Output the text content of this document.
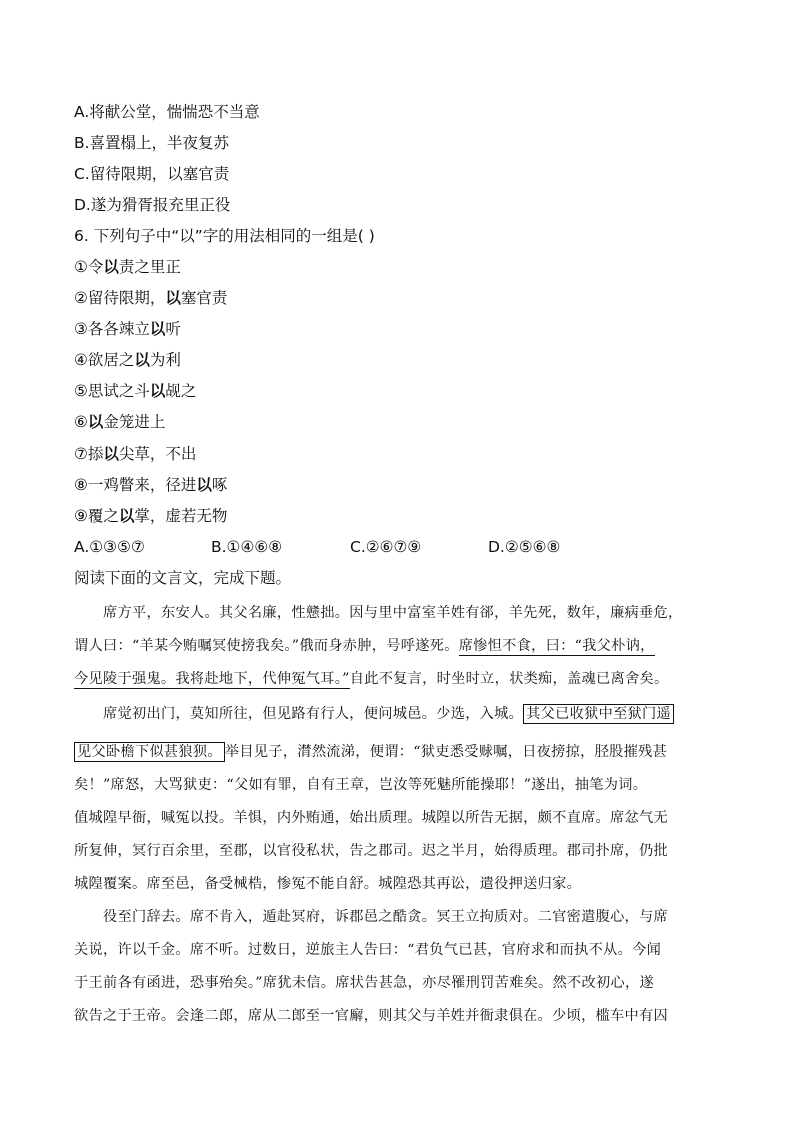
A.将献公堂，惴惴恐不当意
B.喜置榻上，半夜复苏
C.留待限期，以塞官责
D.遂为猾胥报充里正役
6. 下列句子中“以”字的用法相同的一组是( )
①令以责之里正
②留待限期，以塞官责
③各各竦立以听
④欲居之以为利
⑤思试之斗以觇之
⑥以金笼进上
⑦掭以尖草，不出
⑧一鸡瞥来，径进以啄
⑨覆之以掌，虚若无物
A.①③⑤⑦	B.①④⑥⑧	C.②⑥⑦⑨	D.②⑤⑥⑧
阅读下面的文言文，完成下题。
席方平，东安人。其父名廉，性戆拙。因与里中富室羊姓有郤，羊先死，数年，廉病垂危，
谓人曰：“羊某今贿嘱冥使搒我矣。”俄而身赤肿，号呼遂死。席惨怛不食，曰：“我父朴讷，
今见陵于强鬼。我将赴地下，代伸冤气耳。”自此不复言，时坐时立，状类痴，盖魂已离舍矣。
席觉初出门，莫知所往，但见路有行人，便问城邑。少选，入城。 其父已收狱中至狱门遥
见父卧檐下似甚狼狈。 举目见子，潸然流涕，便谓：“狱吏悉受赇嘱，日夜搒掠，胫股摧残甚
矣！”席怒，大骂狱吏：“父如有罪，自有王章，岂汝等死魅所能操耶！”遂出，抽笔为词。
值城隍早衙，喊冤以投。羊惧，内外贿通，始出质理。城隍以所告无据，颇不直席。席忿气无
所复伸，冥行百余里，至郡，以官役私状，告之郡司。迟之半月，始得质理。郡司扑席，仍批
城隍覆案。席至邑，备受械梏，惨冤不能自舒。城隍恐其再讼，遣役押送归家。
役至门辞去。席不肯入，遁赴冥府，诉郡邑之酷贪。冥王立拘质对。二官密遣腹心，与席
关说，许以千金。席不听。过数日，逆旅主人告曰：“君负气已甚，官府求和而执不从。今闻
于王前各有函进，恐事殆矣。”席犹未信。席状告甚急，亦尽罹刑罚苦难矣。然不改初心，遂
欲告之于王帝。会逢二郎，席从二郎至一官廨，则其父与羊姓并衙隶俱在。少顷，槛车中有囚
